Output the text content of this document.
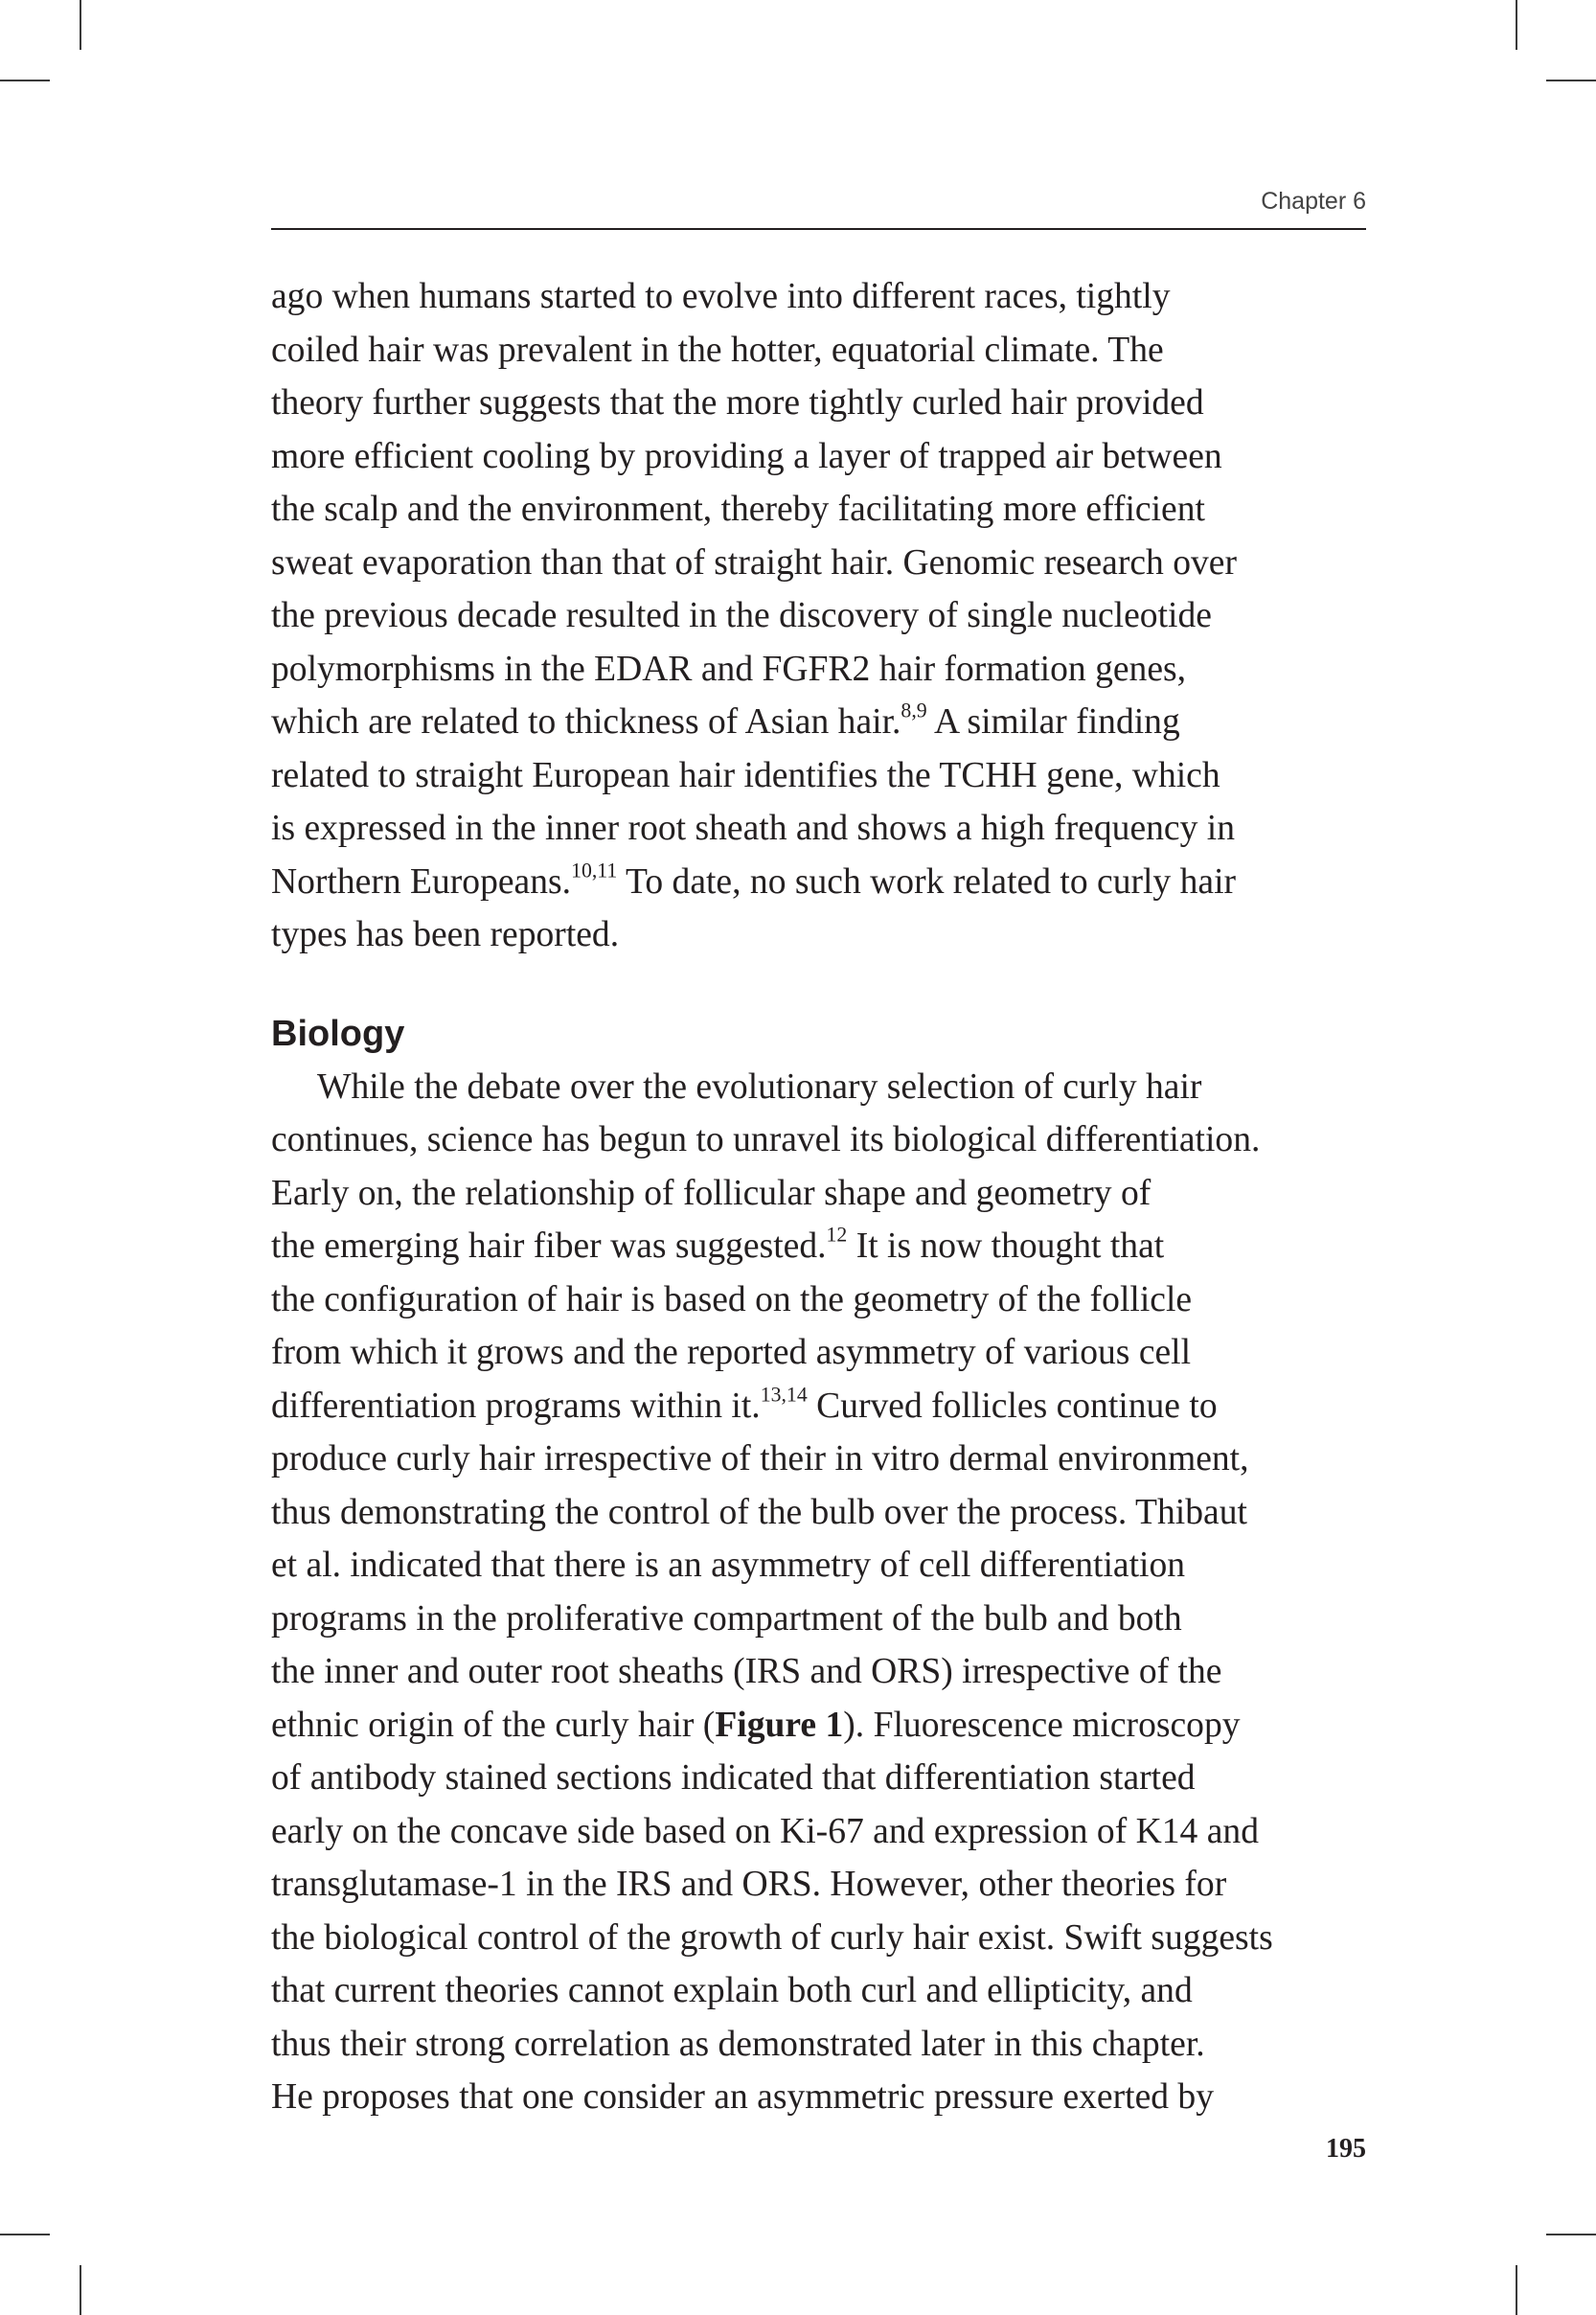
Chapter 6
ago when humans started to evolve into different races, tightly
coiled hair was prevalent in the hotter, equatorial climate. The
theory further suggests that the more tightly curled hair provided
more efficient cooling by providing a layer of trapped air between
the scalp and the environment, thereby facilitating more efficient
sweat evaporation than that of straight hair. Genomic research over
the previous decade resulted in the discovery of single nucleotide
polymorphisms in the EDAR and FGFR2 hair formation genes,
which are related to thickness of Asian hair.$^{8,9}$ A similar finding
related to straight European hair identifies the TCHH gene, which
is expressed in the inner root sheath and shows a high frequency in
Northern Europeans.$^{10,11}$ To date, no such work related to curly hair
types has been reported.
Biology
While the debate over the evolutionary selection of curly hair
continues, science has begun to unravel its biological differentiation.
Early on, the relationship of follicular shape and geometry of
the emerging hair fiber was suggested.$^{12}$ It is now thought that
the configuration of hair is based on the geometry of the follicle
from which it grows and the reported asymmetry of various cell
differentiation programs within it.$^{13,14}$ Curved follicles continue to
produce curly hair irrespective of their in vitro dermal environment,
thus demonstrating the control of the bulb over the process. Thibaut
et al. indicated that there is an asymmetry of cell differentiation
programs in the proliferative compartment of the bulb and both
the inner and outer root sheaths (IRS and ORS) irrespective of the
ethnic origin of the curly hair (Figure 1). Fluorescence microscopy
of antibody stained sections indicated that differentiation started
early on the concave side based on Ki-67 and expression of K14 and
transglutamase-1 in the IRS and ORS. However, other theories for
the biological control of the growth of curly hair exist. Swift suggests
that current theories cannot explain both curl and ellipticity, and
thus their strong correlation as demonstrated later in this chapter.
He proposes that one consider an asymmetric pressure exerted by
195
